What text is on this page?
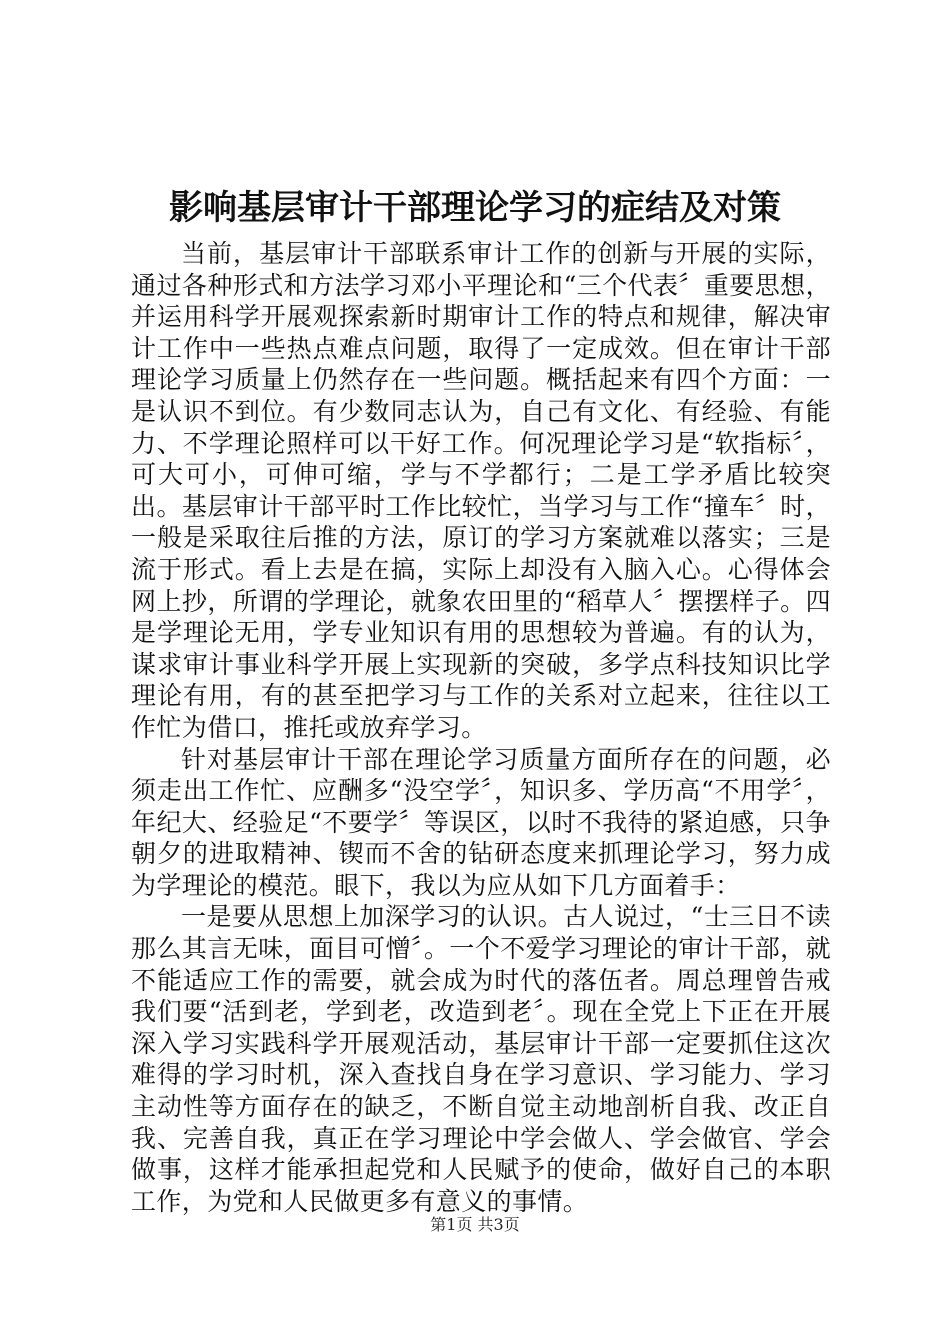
影响基层审计干部理论学习的症结及对策

当前，基层审计干部联系审计工作的创新与开展的实际，通过各种形式和方法学习邓小平理论和“三个代表〞重要思想，并运用科学开展观探索新时期审计工作的特点和规律，解决审计工作中一些热点难点问题，取得了一定成效。但在审计干部理论学习质量上仍然存在一些问题。概括起来有四个方面：一是认识不到位。有少数同志认为，自己有文化、有经验、有能力、不学理论照样可以干好工作。何况理论学习是“软指标〞，可大可小，可伸可缩，学与不学都行；二是工学矛盾比较突出。基层审计干部平时工作比较忙，当学习与工作“撞车〞时，一般是采取往后推的方法，原订的学习方案就难以落实；三是流于形式。看上去是在搞，实际上却没有入脑入心。心得体会网上抄，所谓的学理论，就象农田里的“稻草人〞摆摆样子。四是学理论无用，学专业知识有用的思想较为普遍。有的认为，谋求审计事业科学开展上实现新的突破，多学点科技知识比学理论有用，有的甚至把学习与工作的关系对立起来，往往以工作忙为借口，推托或放弃学习。

针对基层审计干部在理论学习质量方面所存在的问题，必须走出工作忙、应酬多“没空学〞，知识多、学历高“不用学〞，年纪大、经验足“不要学〞等误区，以时不我待的紧迫感，只争朝夕的进取精神、锲而不舍的钻研态度来抓理论学习，努力成为学理论的模范。眼下，我以为应从如下几方面着手：

一是要从思想上加深学习的认识。古人说过，“士三日不读那么其言无味，面目可憎〞。一个不爱学习理论的审计干部，就不能适应工作的需要，就会成为时代的落伍者。周总理曾告戒我们要“活到老，学到老，改造到老〞。现在全党上下正在开展深入学习实践科学开展观活动，基层审计干部一定要抓住这次难得的学习时机，深入查找自身在学习意识、学习能力、学习主动性等方面存在的缺乏，不断自觉主动地剖析自我、改正自我、完善自我，真正在学习理论中学会做人、学会做官、学会做事，这样才能承担起党和人民赋予的使命，做好自己的本职工作，为党和人民做更多有意义的事情。

第1页 共3页
